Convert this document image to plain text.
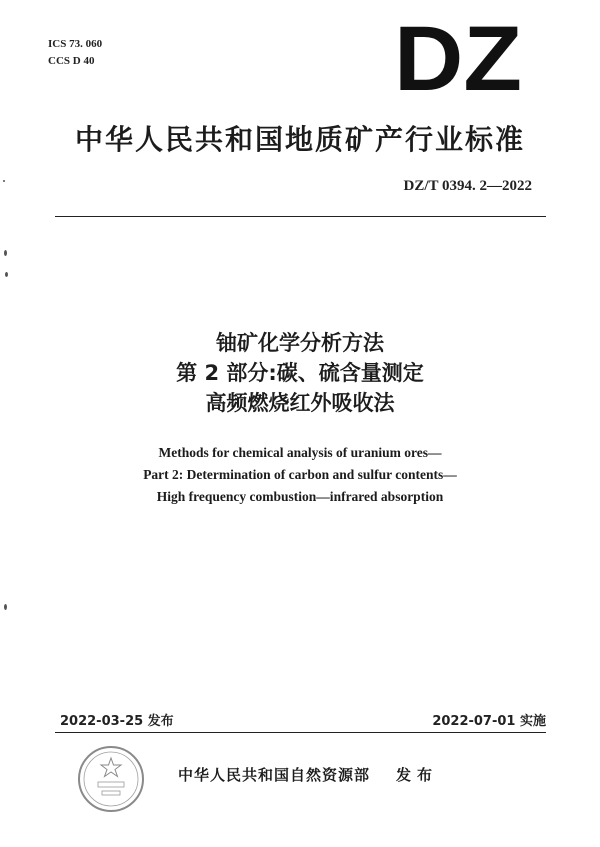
ICS 73. 060
CCS D 40	DZ
中华人民共和国地质矿产行业标准
DZ/T 0394. 2—2022
铀矿化学分析方法
第 2 部分:碳、硫含量测定
高频燃烧红外吸收法
Methods for chemical analysis of uranium ores—
Part 2: Determination of carbon and sulfur contents—
High frequency combustion—infrared absorption
2022-03-25 发布	2022-07-01 实施
中华人民共和国自然资源部 发布
